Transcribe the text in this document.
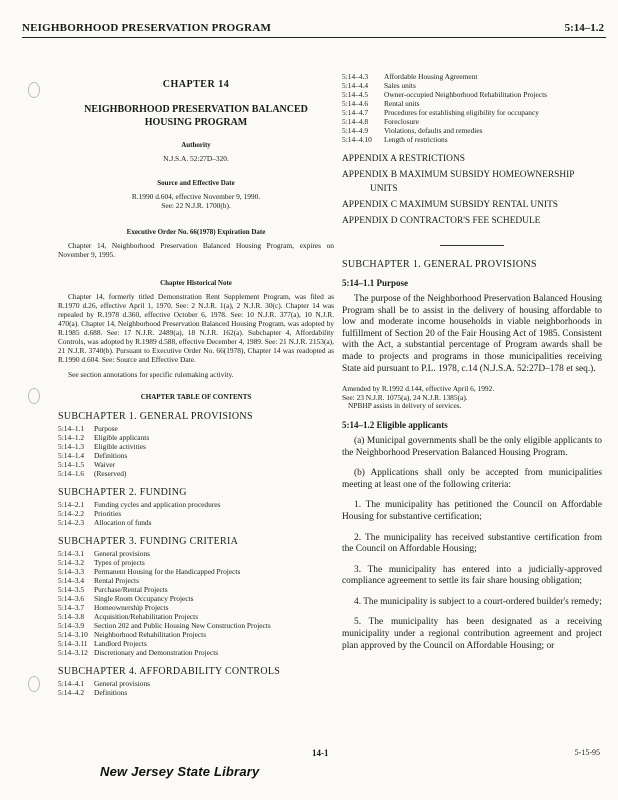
NEIGHBORHOOD PRESERVATION PROGRAM	5:14–1.2
CHAPTER 14
NEIGHBORHOOD PRESERVATION BALANCED HOUSING PROGRAM
Authority
N.J.S.A. 52:27D–320.
Source and Effective Date
R.1990 d.604, effective November 9, 1990.
See: 22 N.J.R. 1700(b).
Executive Order No. 66(1978) Expiration Date
Chapter 14, Neighborhood Preservation Balanced Housing Program, expires on November 9, 1995.
Chapter Historical Note
Chapter 14, formerly titled Demonstration Rent Supplement Program, was filed as R.1970 d.26, effective April 1, 1970. See: 2 N.J.R. 1(a), 2 N.J.R. 30(c). Chapter 14 was repealed by R.1978 d.360, effective October 6, 1978. See: 10 N.J.R. 377(a), 10 N.J.R. 470(a). Chapter 14, Neighborhood Preservation Balanced Housing Program, was adopted by R.1985 d.688. See: 17 N.J.R. 2489(a), 18 N.J.R. 162(a). Subchapter 4, Affordability Controls, was adopted by R.1989 d.588, effective December 4, 1989. See: 21 N.J.R. 2153(a), 21 N.J.R. 3740(b). Pursuant to Executive Order No. 66(1978), Chapter 14 was readopted as R.1990 d.604. See: Source and Effective Date.
See section annotations for specific rulemaking activity.
CHAPTER TABLE OF CONTENTS
SUBCHAPTER 1. GENERAL PROVISIONS
5:14–1.1	Purpose
5:14–1.2	Eligible applicants
5:14–1.3	Eligible activities
5:14–1.4	Definitions
5:14–1.5	Waiver
5:14–1.6	(Reserved)
SUBCHAPTER 2. FUNDING
5:14–2.1	Funding cycles and application procedures
5:14–2.2	Priorities
5:14–2.3	Allocation of funds
SUBCHAPTER 3. FUNDING CRITERIA
5:14–3.1	General provisions
5:14–3.2	Types of projects
5:14–3.3	Permanent Housing for the Handicapped Projects
5:14–3.4	Rental Projects
5:14–3.5	Purchase/Rental Projects
5:14–3.6	Single Room Occupancy Projects
5:14–3.7	Homeownership Projects
5:14–3.8	Acquisition/Rehabilitation Projects
5:14–3.9	Section 202 and Public Housing New Construction Projects
5:14–3.10 Neighborhood Rehabilitation Projects
5:14–3.11 Landlord Projects
5:14–3.12 Discretionary and Demonstration Projects
SUBCHAPTER 4. AFFORDABILITY CONTROLS
5:14–4.1	General provisions
5:14–4.2	Definitions
5:14–4.3	Affordable Housing Agreement
5:14–4.4	Sales units
5:14–4.5	Owner-occupied Neighborhood Rehabilitation Projects
5:14–4.6	Rental units
5:14–4.7	Procedures for establishing eligibility for occupancy
5:14–4.8	Foreclosure
5:14–4.9	Violations, defaults and remedies
5:14–4.10	Length of restrictions
APPENDIX A RESTRICTIONS
APPENDIX B MAXIMUM SUBSIDY HOMEOWNERSHIP
UNITS
APPENDIX C MAXIMUM SUBSIDY RENTAL UNITS
APPENDIX D CONTRACTOR'S FEE SCHEDULE
SUBCHAPTER 1. GENERAL PROVISIONS
5:14–1.1 Purpose
The purpose of the Neighborhood Preservation Balanced Housing Program shall be to assist in the delivery of housing affordable to low and moderate income households in viable neighborhoods in fulfillment of Section 20 of the Fair Housing Act of 1985. Consistent with the Act, a substantial percentage of Program awards shall be made to projects and programs in those municipalities receiving State aid pursuant to P.L. 1978, c.14 (N.J.S.A. 52:27D–178 et seq.).
Amended by R.1992 d.144, effective April 6, 1992.
See: 23 N.J.R. 1075(a), 24 N.J.R. 1385(a).
NPBHP assists in delivery of services.
5:14–1.2 Eligible applicants
(a) Municipal governments shall be the only eligible applicants to the Neighborhood Preservation Balanced Housing Program.
(b) Applications shall only be accepted from municipalities meeting at least one of the following criteria:
1. The municipality has petitioned the Council on Affordable Housing for substantive certification;
2. The municipality has received substantive certification from the Council on Affordable Housing;
3. The municipality has entered into a judicially-approved compliance agreement to settle its fair share housing obligation;
4. The municipality is subject to a court-ordered builder's remedy;
5. The municipality has been designated as a receiving municipality under a regional contribution agreement and project plan approved by the Council on Affordable Housing; or
14-1	5-15-95
New Jersey State Library
